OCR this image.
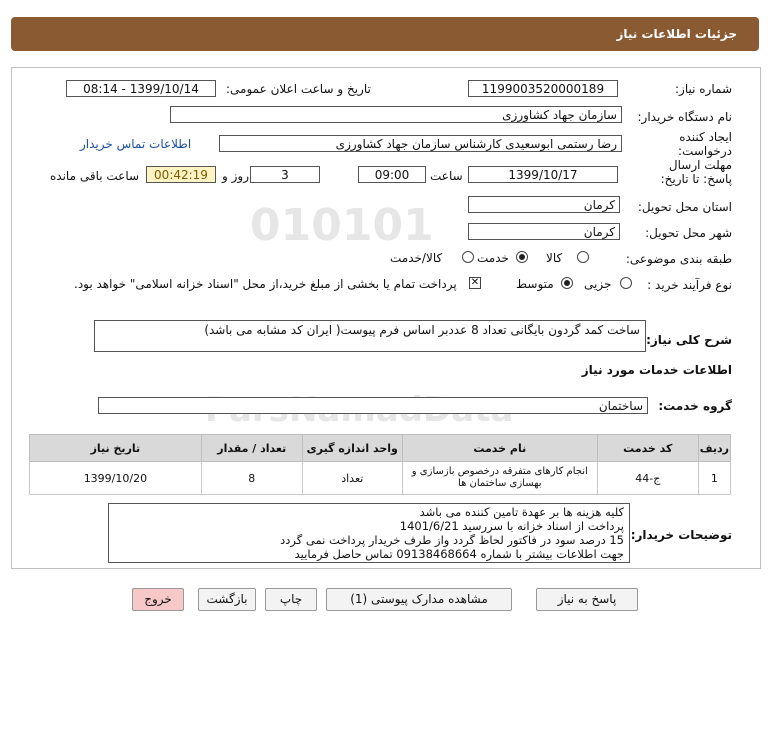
جزئیات اطلاعات نیاز
010101
شماره نیاز:
1199003520000189
تاریخ و ساعت اعلان عمومی:
1399/10/14 - 08:14
نام دستگاه خریدار:
سازمان جهاد کشاورزی
ایجاد کننده درخواست:
رضا رستمی ابوسعیدی کارشناس سازمان جهاد کشاورزی
اطلاعات تماس خریدار
مهلت ارسال پاسخ: تا تاریخ:
1399/10/17
ساعت
09:00
3
روز و
00:42:19
ساعت باقی مانده
استان محل تحویل:
کرمان
شهر محل تحویل:
کرمان
طبقه بندی موضوعی:
کالا
خدمت
کالا/خدمت
نوع فرآیند خرید :
جزیی
متوسط
✕
پرداخت تمام یا بخشی از مبلغ خرید،از محل "اسناد خزانه اسلامی" خواهد بود.
شرح کلی نیاز:
ساخت کمد گردون بایگانی تعداد 8 عددبر اساس فرم پیوست( ایران کد مشابه می باشد)
اطلاعات خدمات مورد نیاز
گروه خدمت:
ساختمان
ردیف	کد خدمت	نام خدمت	واحد اندازه گیری	تعداد / مقدار	تاریخ نیاز
1	ج-44	انجام کارهای متفرقه درخصوص بازسازی و بهسازی ساختمان ها	تعداد	8	1399/10/20
توضیحات خریدار:
کلیه هزینه ها بر عهدة تامین کننده می باشد
پرداخت از اسناد خزانه با سررسید 1401/6/21
15 درصد سود در فاکتور لحاظ گردد واز طرف خریدار پرداخت نمی گردد
جهت اطلاعات بیشتر با شماره 09138468664 تماس حاصل فرمایید
پاسخ به نیاز
مشاهده مدارک پیوستی (1)
چاپ
بازگشت
خروج
